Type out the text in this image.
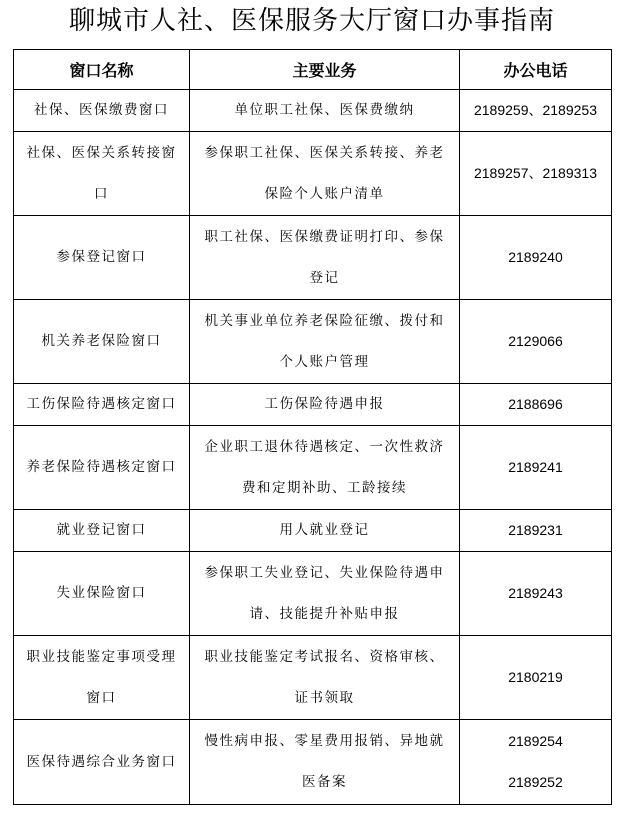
聊城市人社、医保服务大厅窗口办事指南
窗口名称	主要业务	办公电话

社保、医保缴费窗口	单位职工社保、医保费缴纳	2189259、2189253

社保、医保关系转接窗
口	参保职工社保、医保关系转接、养老
保险个人账户清单	2189257、2189313

参保登记窗口	职工社保、医保缴费证明打印、参保
登记	2189240

机关养老保险窗口	机关事业单位养老保险征缴、拨付和
个人账户管理	2129066

工伤保险待遇核定窗口	工伤保险待遇申报	2188696

养老保险待遇核定窗口	企业职工退休待遇核定、一次性救济
费和定期补助、工龄接续	2189241

就业登记窗口	用人就业登记	2189231

失业保险窗口	参保职工失业登记、失业保险待遇申
请、技能提升补贴申报	2189243

职业技能鉴定事项受理
窗口	职业技能鉴定考试报名、资格审核、
证书领取	2180219

医保待遇综合业务窗口	慢性病申报、零星费用报销、异地就
医备案	2189254
2189252
